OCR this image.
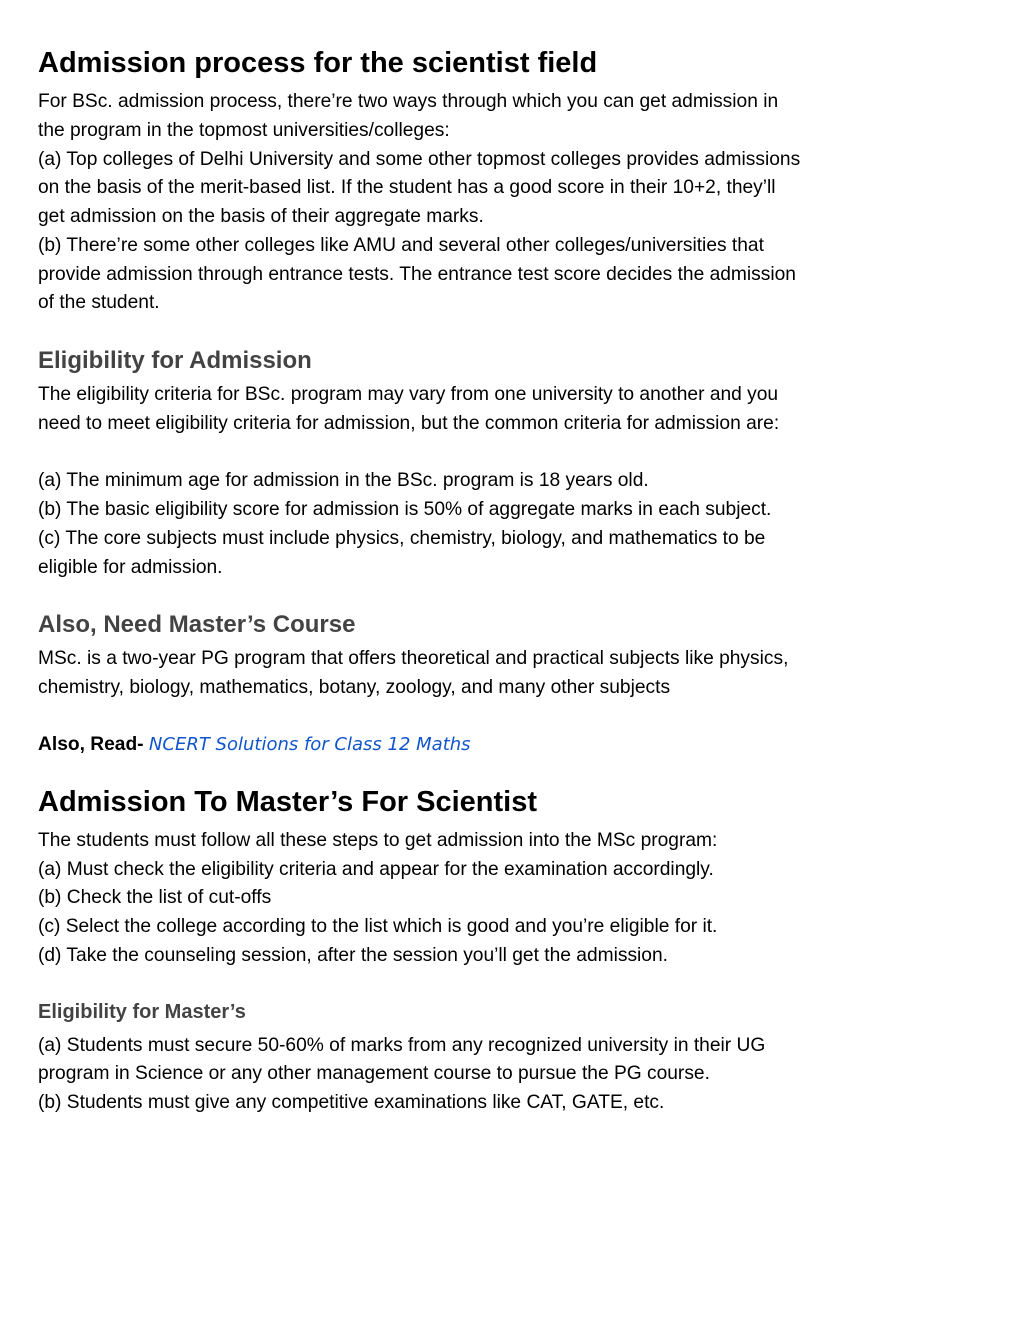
Admission process for the scientist field

For BSc. admission process, there’re two ways through which you can get admission in

the program in the topmost universities/colleges:

(a) Top colleges of Delhi University and some other topmost colleges provides admissions

on the basis of the merit-based list. If the student has a good score in their 10+2, they’ll

get admission on the basis of their aggregate marks.

(b) There’re some other colleges like AMU and several other colleges/universities that

provide admission through entrance tests. The entrance test score decides the admission

of the student.

Eligibility for Admission

The eligibility criteria for BSc. program may vary from one university to another and you

need to meet eligibility criteria for admission, but the common criteria for admission are:

(a) The minimum age for admission in the BSc. program is 18 years old.

(b) The basic eligibility score for admission is 50% of aggregate marks in each subject.

(c) The core subjects must include physics, chemistry, biology, and mathematics to be

eligible for admission.

Also, Need Master’s Course

MSc. is a two-year PG program that offers theoretical and practical subjects like physics,

chemistry, biology, mathematics, botany, zoology, and many other subjects

Also, Read- NCERT Solutions for Class 12 Maths

Admission To Master’s For Scientist

The students must follow all these steps to get admission into the MSc program:

(a) Must check the eligibility criteria and appear for the examination accordingly.

(b) Check the list of cut-offs

(c) Select the college according to the list which is good and you’re eligible for it.

(d) Take the counseling session, after the session you’ll get the admission.

Eligibility for Master’s

(a) Students must secure 50-60% of marks from any recognized university in their UG

program in Science or any other management course to pursue the PG course.

(b) Students must give any competitive examinations like CAT, GATE, etc.
